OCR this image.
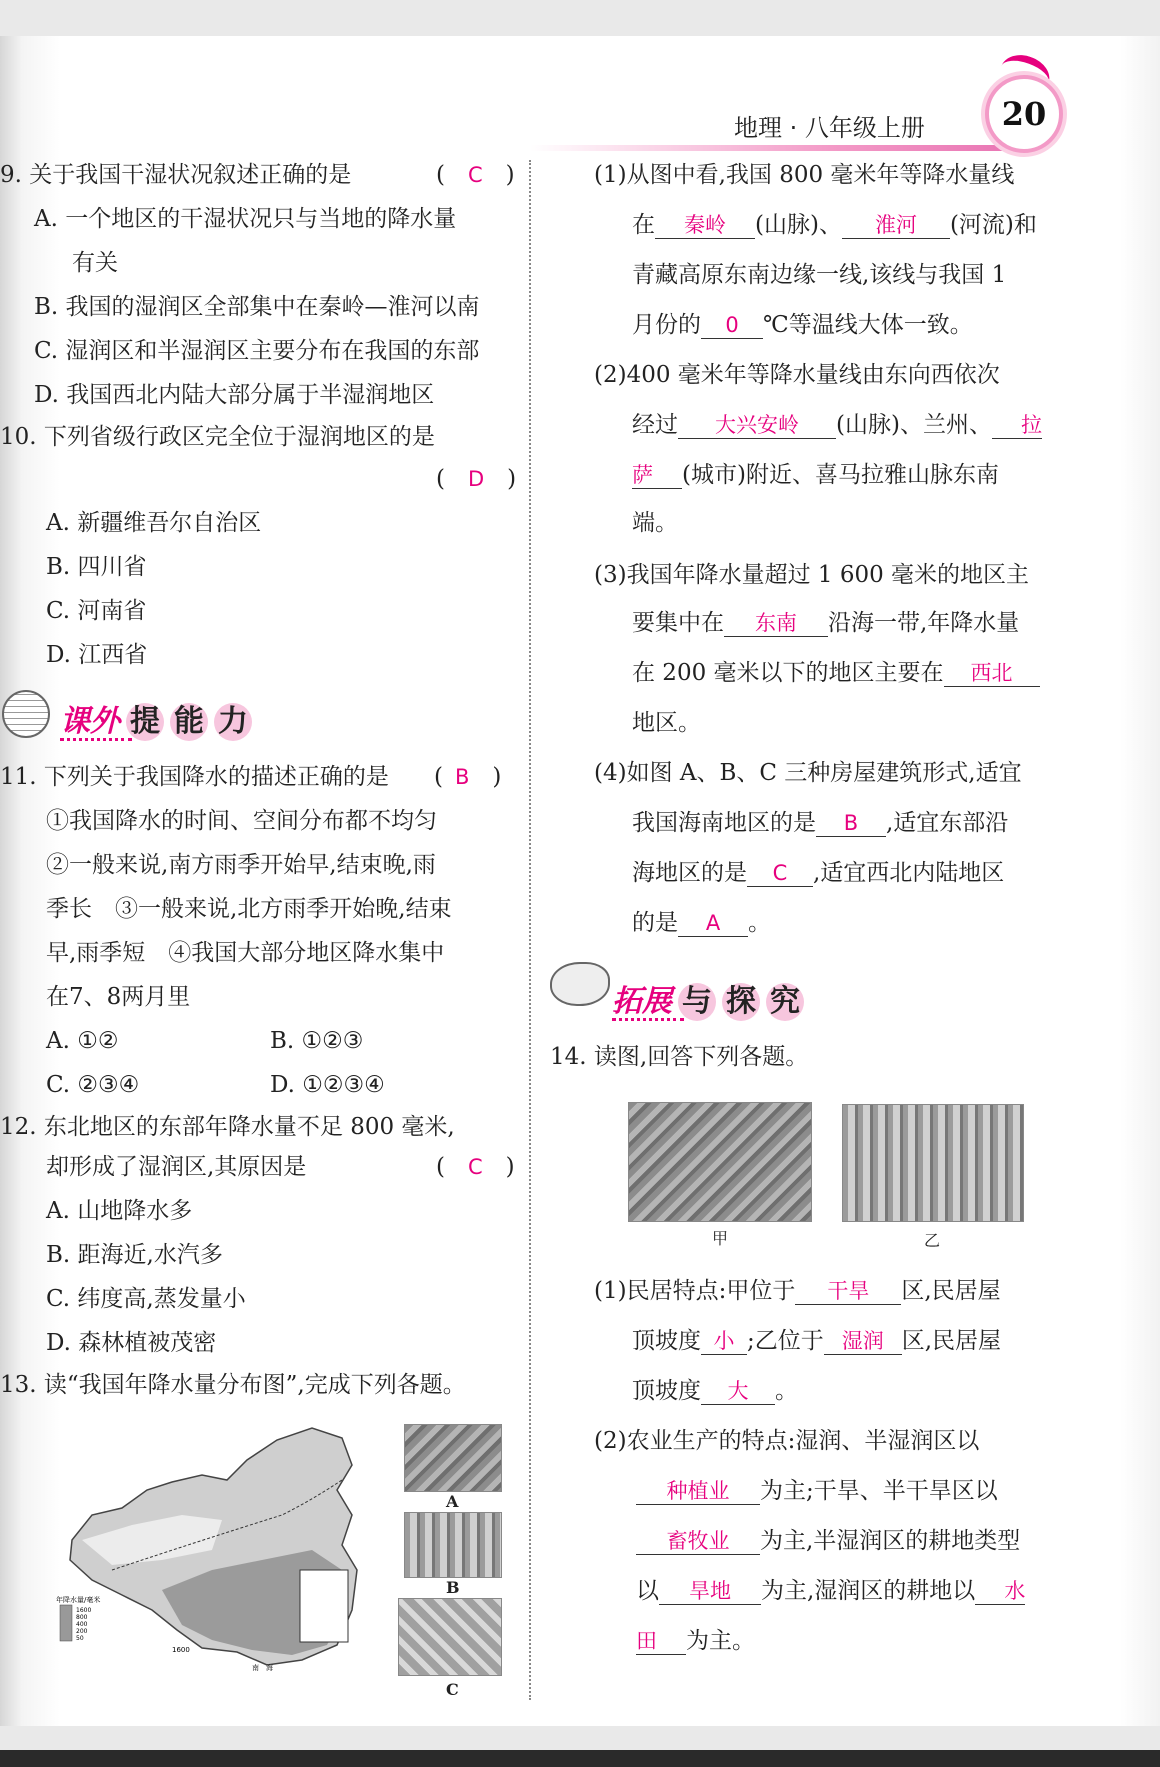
地理 · 八年级上册	20
9. 关于我国干湿状况叙述正确的是	(　C　)
A. 一个地区的干湿状况只与当地的降水量
有关
B. 我国的湿润区全部集中在秦岭—淮河以南
C. 湿润区和半湿润区主要分布在我国的东部
D. 我国西北内陆大部分属于半湿润地区
10. 下列省级行政区完全位于湿润地区的是
(　D　)
A. 新疆维吾尔自治区
B. 四川省
C. 河南省
D. 江西省
课外 提 能 力
11. 下列关于我国降水的描述正确的是 ( B　)
①我国降水的时间、空间分布都不均匀
②一般来说,南方雨季开始早,结束晚,雨
季长　③一般来说,北方雨季开始晚,结束
早,雨季短　④我国大部分地区降水集中
在7、8两月里
A. ①②	B. ①②③
C. ②③④	D. ①②③④
12. 东北地区的东部年降水量不足 800 毫米,
却形成了湿润区,其原因是	(　C　)
A. 山地降水多
B. 距海近,水汽多
C. 纬度高,蒸发量小
D. 森林植被茂密
13. 读“我国年降水量分布图”,完成下列各题。
年降水量/毫米
1600
800
400
200
50
1600
南　海
A
B
C
(1)从图中看,我国 800 毫米年等降水量线
在 秦岭 (山脉)、 淮河 (河流)和
青藏高原东南边缘一线,该线与我国 1
月份的 0 ℃等温线大体一致。
(2)400 毫米年等降水量线由东向西依次
经过 大兴安岭 (山脉)、兰州、 拉
萨 (城市)附近、喜马拉雅山脉东南
端。
(3)我国年降水量超过 1 600 毫米的地区主
要集中在 东南 沿海一带,年降水量
在 200 毫米以下的地区主要在 西北
地区。
(4)如图 A、B、C 三种房屋建筑形式,适宜
我国海南地区的是 B ,适宜东部沿
海地区的是 C ,适宜西北内陆地区
的是 A 。
拓展 与 探 究
14. 读图,回答下列各题。
甲	乙
(1)民居特点:甲位于 干旱 区,民居屋
顶坡度 小 ;乙位于 湿润 区,民居屋
顶坡度 大 。
(2)农业生产的特点:湿润、半湿润区以
种植业 为主;干旱、半干旱区以
畜牧业 为主,半湿润区的耕地类型
以 旱地 为主,湿润区的耕地以 水
田 为主。
